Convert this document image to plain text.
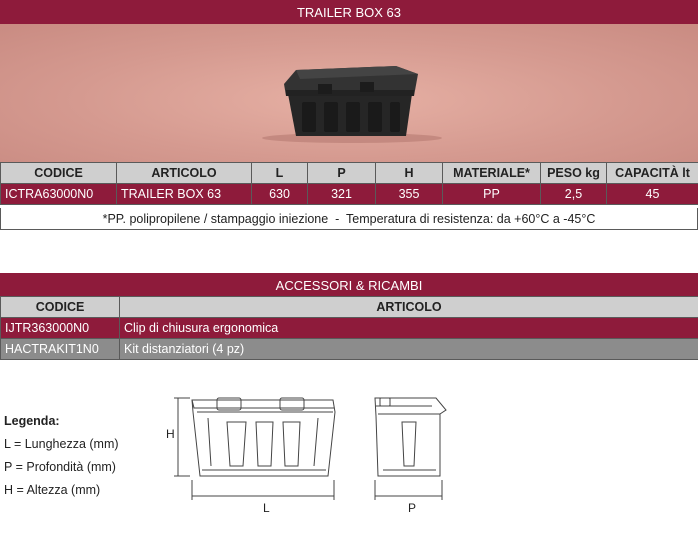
TRAILER BOX 63
CODICE	ARTICOLO	L	P	H	MATERIALE*	PESO kg	CAPACITÀ lt
ICTRA63000N0	TRAILER BOX 63	630	321	355	PP	2,5	45
*PP. polipropilene / stampaggio iniezione  -  Temperatura di resistenza: da +60°C a -45°C
ACCESSORI & RICAMBI
CODICE	ARTICOLO
IJTR363000N0	Clip di chiusura ergonomica
HACTRAKIT1N0	Kit distanziatori (4 pz)
Legenda:
L = Lunghezza (mm)
P = Profondità (mm)
H = Altezza (mm)
H
L	P
